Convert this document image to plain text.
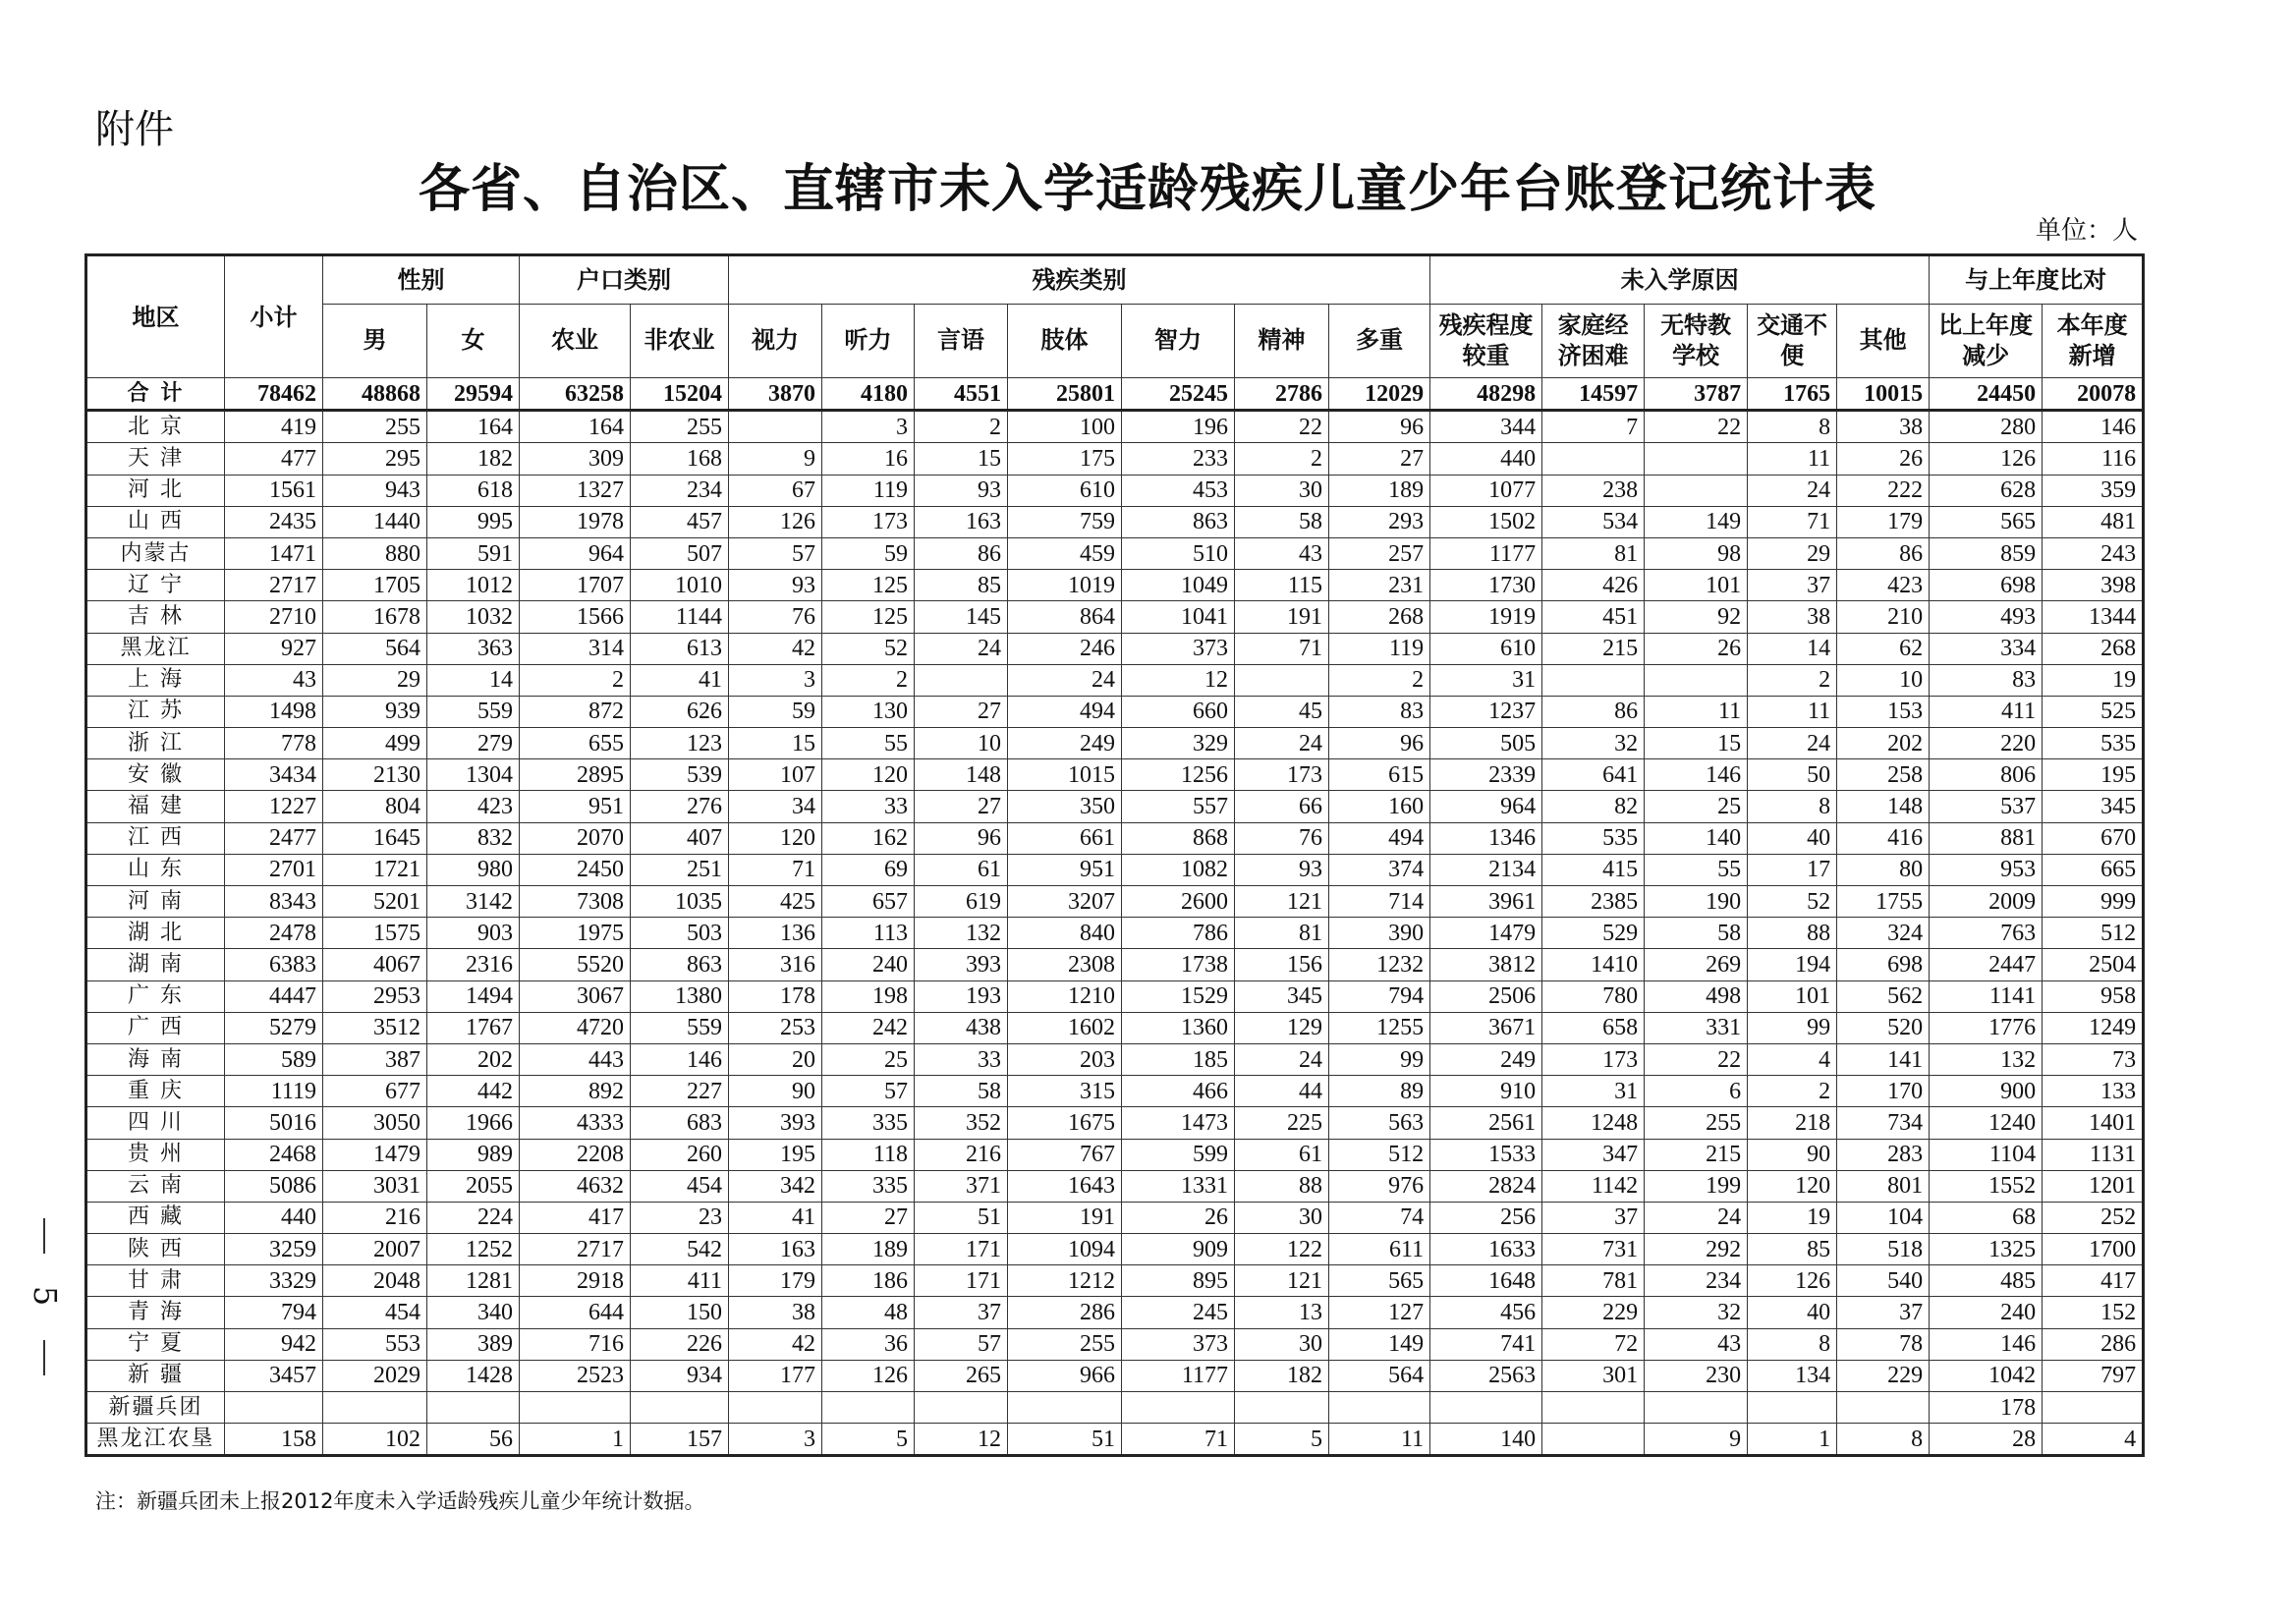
附件
各省、自治区、直辖市未入学适龄残疾儿童少年台账登记统计表
单位：人
地区	小计	性别		户口类别		残疾类别							未入学原因					与上年度比对	
		男	女	农业	非农业	视力	听力	言语	肢体	智力	精神	多重	残疾程度较重	家庭经济困难	无特教学校	交通不便	其他	比上年度减少	本年度新增
合 计	78462	48868	29594	63258	15204	3870	4180	4551	25801	25245	2786	12029	48298	14597	3787	1765	10015	24450	20078
北 京	419	255	164	164	255		3	2	100	196	22	96	344	7	22	8	38	280	146
天 津	477	295	182	309	168	9	16	15	175	233	2	27	440			11	26	126	116
河 北	1561	943	618	1327	234	67	119	93	610	453	30	189	1077	238		24	222	628	359
山 西	2435	1440	995	1978	457	126	173	163	759	863	58	293	1502	534	149	71	179	565	481
内蒙古	1471	880	591	964	507	57	59	86	459	510	43	257	1177	81	98	29	86	859	243
辽 宁	2717	1705	1012	1707	1010	93	125	85	1019	1049	115	231	1730	426	101	37	423	698	398
吉 林	2710	1678	1032	1566	1144	76	125	145	864	1041	191	268	1919	451	92	38	210	493	1344
黑龙江	927	564	363	314	613	42	52	24	246	373	71	119	610	215	26	14	62	334	268
上 海	43	29	14	2	41	3	2		24	12		2	31			2	10	83	19
江 苏	1498	939	559	872	626	59	130	27	494	660	45	83	1237	86	11	11	153	411	525
浙 江	778	499	279	655	123	15	55	10	249	329	24	96	505	32	15	24	202	220	535
安 徽	3434	2130	1304	2895	539	107	120	148	1015	1256	173	615	2339	641	146	50	258	806	195
福 建	1227	804	423	951	276	34	33	27	350	557	66	160	964	82	25	8	148	537	345
江 西	2477	1645	832	2070	407	120	162	96	661	868	76	494	1346	535	140	40	416	881	670
山 东	2701	1721	980	2450	251	71	69	61	951	1082	93	374	2134	415	55	17	80	953	665
河 南	8343	5201	3142	7308	1035	425	657	619	3207	2600	121	714	3961	2385	190	52	1755	2009	999
湖 北	2478	1575	903	1975	503	136	113	132	840	786	81	390	1479	529	58	88	324	763	512
湖 南	6383	4067	2316	5520	863	316	240	393	2308	1738	156	1232	3812	1410	269	194	698	2447	2504
广 东	4447	2953	1494	3067	1380	178	198	193	1210	1529	345	794	2506	780	498	101	562	1141	958
广 西	5279	3512	1767	4720	559	253	242	438	1602	1360	129	1255	3671	658	331	99	520	1776	1249
海 南	589	387	202	443	146	20	25	33	203	185	24	99	249	173	22	4	141	132	73
重 庆	1119	677	442	892	227	90	57	58	315	466	44	89	910	31	6	2	170	900	133
四 川	5016	3050	1966	4333	683	393	335	352	1675	1473	225	563	2561	1248	255	218	734	1240	1401
贵 州	2468	1479	989	2208	260	195	118	216	767	599	61	512	1533	347	215	90	283	1104	1131
云 南	5086	3031	2055	4632	454	342	335	371	1643	1331	88	976	2824	1142	199	120	801	1552	1201
西 藏	440	216	224	417	23	41	27	51	191	26	30	74	256	37	24	19	104	68	252
陕 西	3259	2007	1252	2717	542	163	189	171	1094	909	122	611	1633	731	292	85	518	1325	1700
甘 肃	3329	2048	1281	2918	411	179	186	171	1212	895	121	565	1648	781	234	126	540	485	417
青 海	794	454	340	644	150	38	48	37	286	245	13	127	456	229	32	40	37	240	152
宁 夏	942	553	389	716	226	42	36	57	255	373	30	149	741	72	43	8	78	146	286
新 疆	3457	2029	1428	2523	934	177	126	265	966	1177	182	564	2563	301	230	134	229	1042	797
新疆兵团																		178	
黑龙江农垦	158	102	56	1	157	3	5	12	51	71	5	11	140		9	1	8	28	4
注：新疆兵团未上报2012年度未入学适龄残疾儿童少年统计数据。
5
